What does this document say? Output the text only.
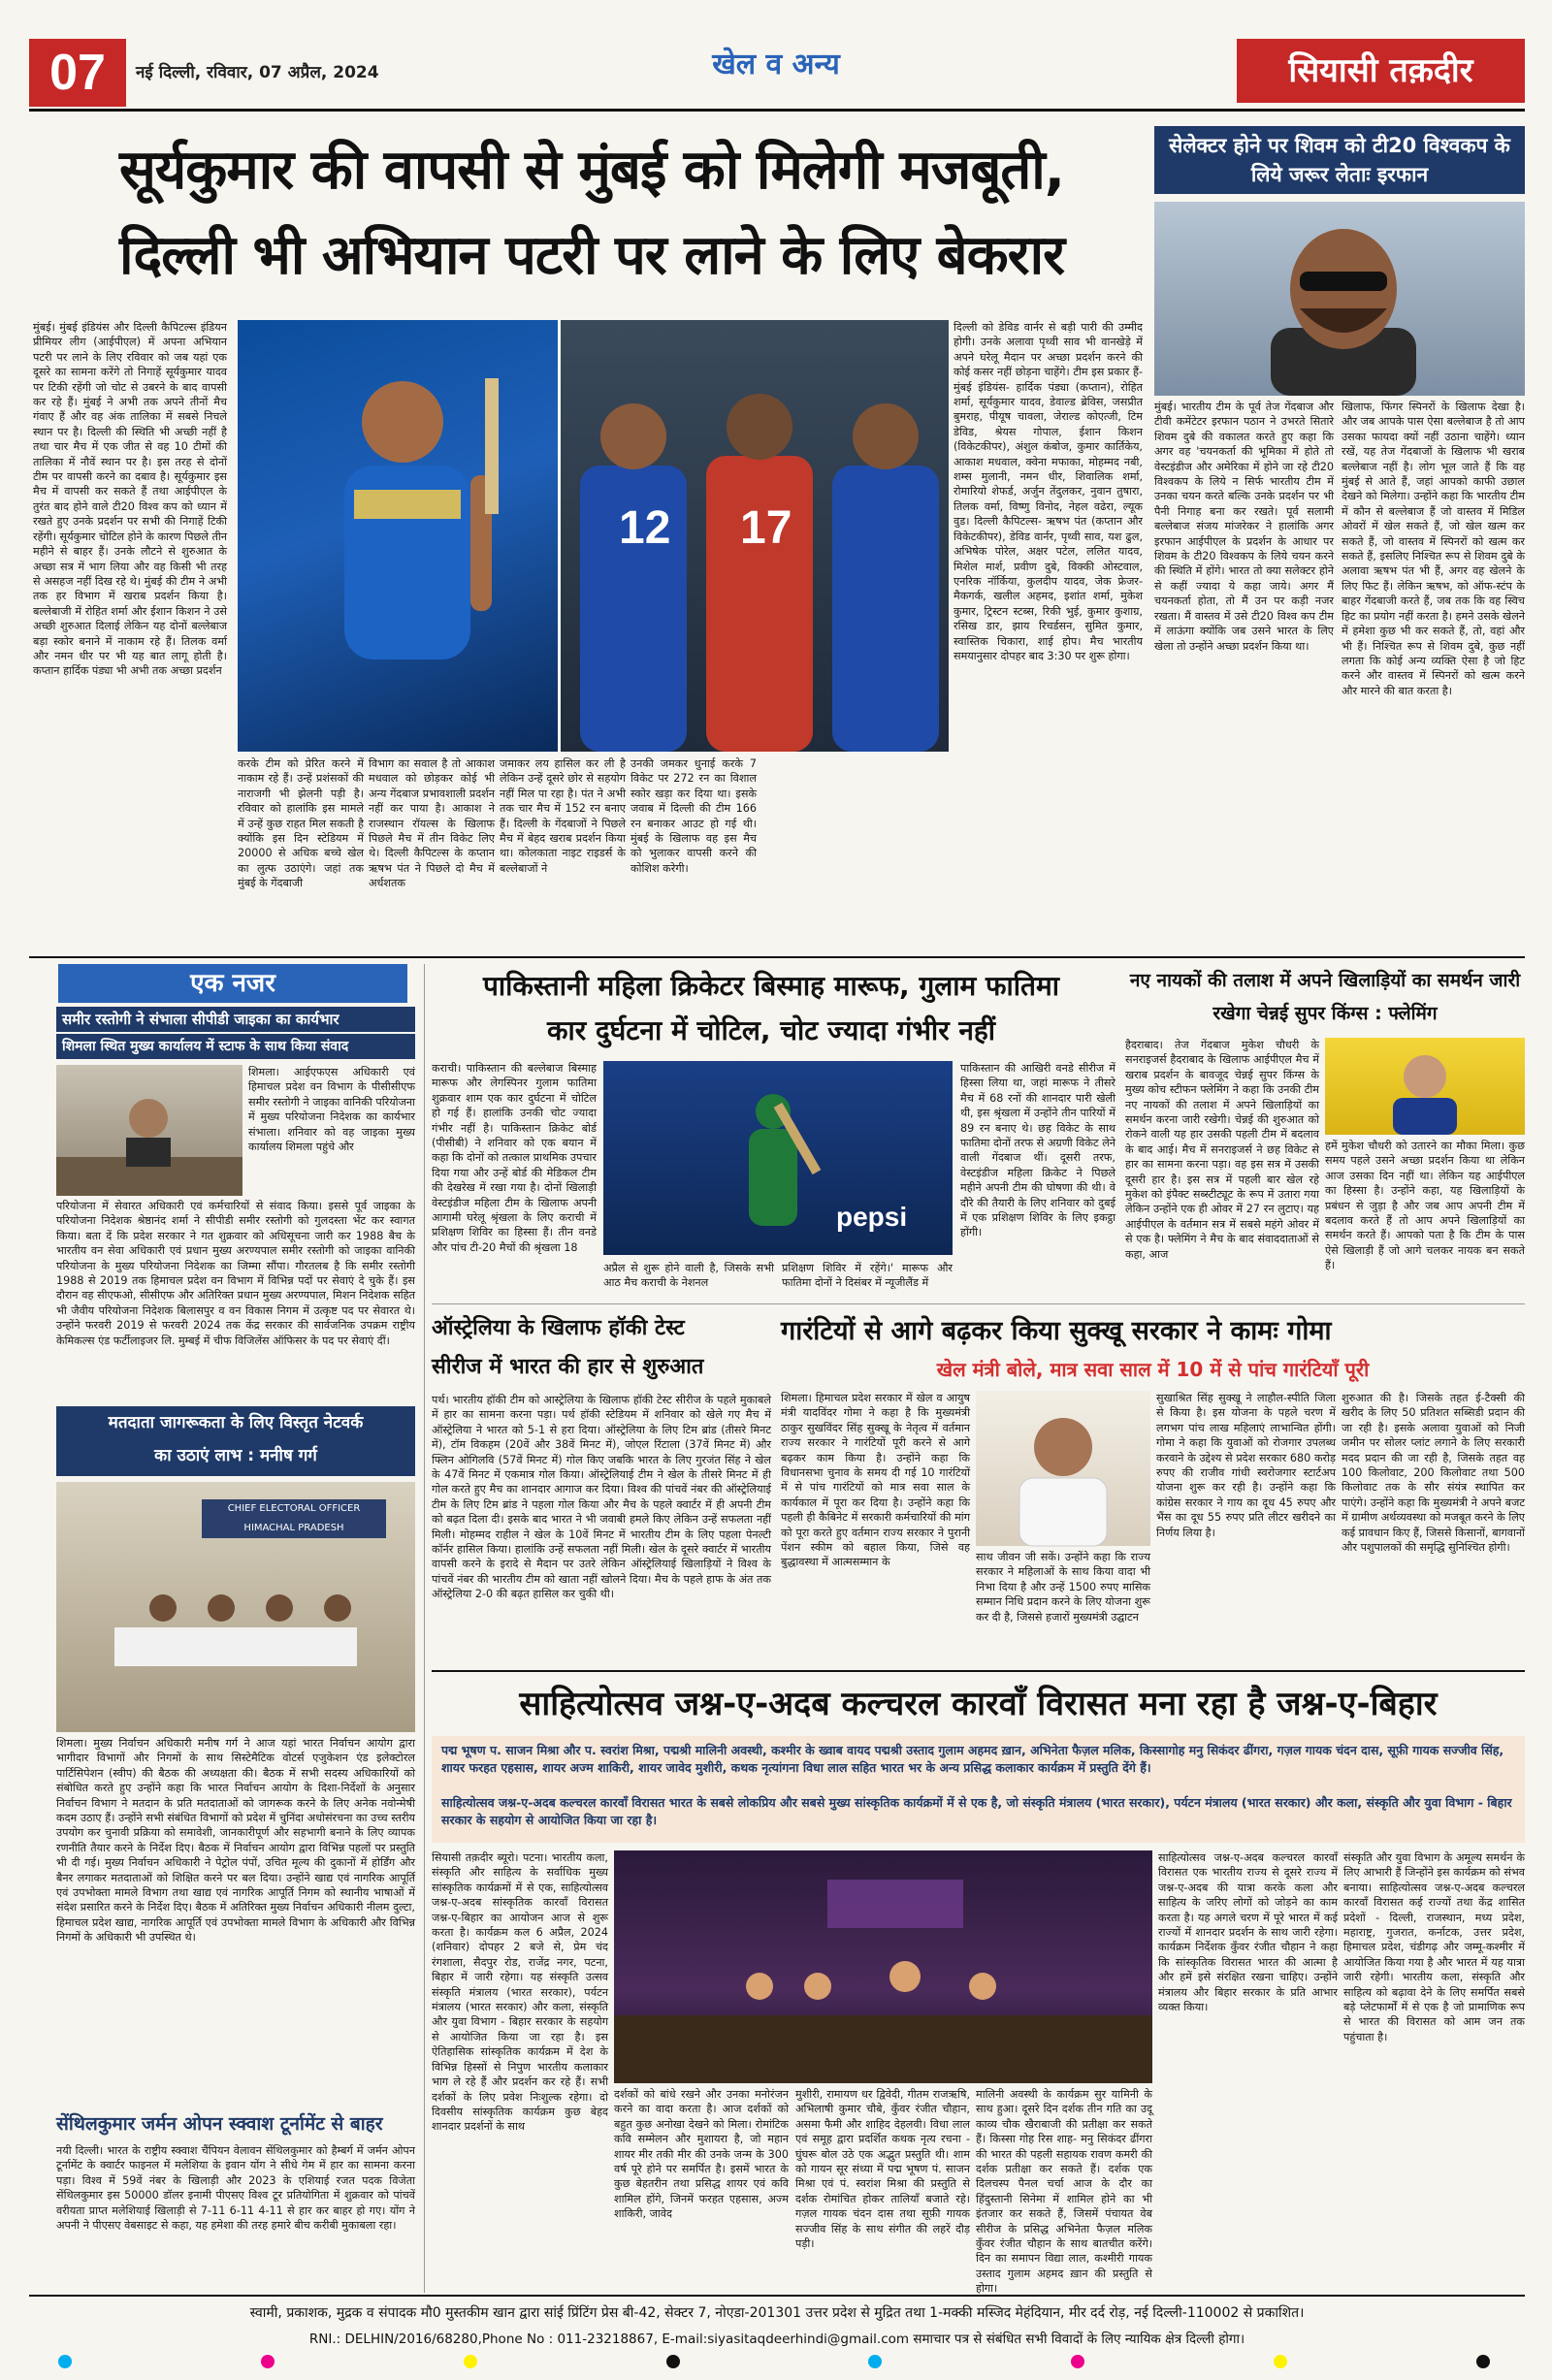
07	नई दिल्ली, रविवार, 07 अप्रैल, 2024	खेल व अन्य	सियासी तक़दीर
सूर्यकुमार की वापसी से मुंबई को मिलेगी मजबूती,
दिल्ली भी अभियान पटरी पर लाने के लिए बेकरार
मुंबई। मुंबई इंडियंस और दिल्ली कैपिटल्स इंडियन प्रीमियर लीग (आईपीएल) में अपना अभियान पटरी पर लाने के लिए रविवार को जब यहां एक दूसरे का सामना करेंगे तो निगाहें सूर्यकुमार यादव पर टिकी रहेंगी जो चोट से उबरने के बाद वापसी कर रहे हैं। मुंबई ने अभी तक अपने तीनों मैच गंवाए हैं और वह अंक तालिका में सबसे निचले स्थान पर है। दिल्ली की स्थिति भी अच्छी नहीं है तथा चार मैच में एक जीत से वह 10 टीमों की तालिका में नौवें स्थान पर है। इस तरह से दोनों टीम पर वापसी करने का दबाव है। सूर्यकुमार इस मैच में वापसी कर सकते हैं तथा आईपीएल के तुरंत बाद होने वाले टी20 विश्व कप को ध्यान में रखते हुए उनके प्रदर्शन पर सभी की निगाहें टिकी रहेंगी। सूर्यकुमार चोटिल होने के कारण पिछले तीन महीने से बाहर हैं। उनके लौटने से शुरुआत के अच्छा सत्र में भाग लिया और वह किसी भी तरह से असहज नहीं दिख रहे थे। मुंबई की टीम ने अभी तक हर विभाग में खराब प्रदर्शन किया है। बल्लेबाजी में रोहित शर्मा और ईशान किशन ने उसे अच्छी शुरुआत दिलाई लेकिन यह दोनों बल्लेबाज बड़ा स्कोर बनाने में नाकाम रहे हैं। तिलक वर्मा और नमन धीर पर भी यह बात लागू होती है। कप्तान हार्दिक पंड्या भी अभी तक अच्छा प्रदर्शन
12 17
करके टीम को प्रेरित करने में नाकाम रहे हैं। उन्हें प्रशंसकों की नाराजगी भी झेलनी पड़ी है। रविवार को हालांकि इस मामले में उन्हें कुछ राहत मिल सकती है क्योंकि इस दिन स्टेडियम में 20000 से अधिक बच्चे खेल का लुत्फ उठाएंगे। जहां तक मुंबई के गेंदबाजी
विभाग का सवाल है तो आकाश मधवाल को छोड़कर कोई भी अन्य गेंदबाज प्रभावशाली प्रदर्शन नहीं कर पाया है। आकाश ने राजस्थान रॉयल्स के खिलाफ पिछले मैच में तीन विकेट लिए थे। दिल्ली कैपिटल्स के कप्तान ऋषभ पंत ने पिछले दो मैच में अर्धशतक
जमाकर लय हासिल कर ली है लेकिन उन्हें दूसरे छोर से सहयोग नहीं मिल पा रहा है। पंत ने अभी तक चार मैच में 152 रन बनाए हैं। दिल्ली के गेंदबाजों ने पिछले मैच में बेहद खराब प्रदर्शन किया था। कोलकाता नाइट राइडर्स के बल्लेबाजों ने
उनकी जमकर धुनाई करके 7 विकेट पर 272 रन का विशाल स्कोर खड़ा कर दिया था। इसके जवाब में दिल्ली की टीम 166 रन बनाकर आउट हो गई थी। मुंबई के खिलाफ वह इस मैच को भुलाकर वापसी करने की कोशिश करेगी।
दिल्ली को डेविड वार्नर से बड़ी पारी की उम्मीद होगी। उनके अलावा पृथ्वी साव भी वानखेड़े में अपने घरेलू मैदान पर अच्छा प्रदर्शन करने की कोई कसर नहीं छोड़ना चाहेंगे। टीम इस प्रकार हैं- मुंबई इंडियंस- हार्दिक पंड्या (कप्तान), रोहित शर्मा, सूर्यकुमार यादव, डेवाल्ड ब्रेविस, जसप्रीत बुमराह, पीयूष चावला, जेराल्ड कोएत्जी, टिम डेविड, श्रेयस गोपाल, ईशान किशन (विकेटकीपर), अंशुल कंबोज, कुमार कार्तिकेय, आकाश मधवाल, क्वेना मफाका, मोहम्मद नबी, शम्स मुलानी, नमन धीर, शिवालिक शर्मा, रोमारियो शेफर्ड, अर्जुन तेंदुलकर, नुवान तुषारा, तिलक वर्मा, विष्णु विनोद, नेहल वढेरा, ल्यूक वुड। दिल्ली कैपिटल्स- ऋषभ पंत (कप्तान और विकेटकीपर), डेविड वार्नर, पृथ्वी साव, यश ढुल, अभिषेक पोरेल, अक्षर पटेल, ललित यादव, मिशेल मार्श, प्रवीण दुबे, विक्की ओस्टवाल, एनरिक नॉर्किया, कुलदीप यादव, जेक फ्रेजर-मैकगर्क, खलील अहमद, इशांत शर्मा, मुकेश कुमार, ट्रिस्टन स्टब्स, रिकी भुई, कुमार कुशाग्र, रसिख डार, झाय रिचर्डसन, सुमित कुमार, स्वास्तिक चिकारा, शाई होप। मैच भारतीय समयानुसार दोपहर बाद 3:30 पर शुरू होगा।
सेलेक्टर होने पर शिवम को टी20 विश्वकप के लिये जरूर लेताः इरफान
मुंबई। भारतीय टीम के पूर्व तेज गेंदबाज और टीवी कमेंटेटर इरफान पठान ने उभरते सितारे शिवम दुबे की वकालत करते हुए कहा कि अगर वह 'चयनकर्ता की भूमिका में होते तो वेस्टइंडीज और अमेरिका में होने जा रहे टी20 विश्वकप के लिये न सिर्फ भारतीय टीम में उनका चयन करते बल्कि उनके प्रदर्शन पर भी पैनी निगाह बना कर रखते। पूर्व सलामी बल्लेबाज संजय मांजरेकर ने हालांकि अगर इरफान आईपीएल के प्रदर्शन के आधार पर शिवम के टी20 विश्वकप के लिये चयन करने की स्थिति में होंगे। भारत तो क्या सलेक्टर होने से कहीं ज्यादा ये कहा जाये। अगर मैं चयनकर्ता होता, तो मैं उन पर कड़ी नजर रखता। मैं वास्तव में उसे टी20 विश्व कप टीम में लाऊंगा क्योंकि जब उसने भारत के लिए खेला तो उन्होंने अच्छा प्रदर्शन किया था।
खिलाफ, फिंगर स्पिनरों के खिलाफ देखा है। और जब आपके पास ऐसा बल्लेबाज है तो आप उसका फायदा क्यों नहीं उठाना चाहेंगे। ध्यान रखें, यह तेज गेंदबाजों के खिलाफ भी खराब बल्लेबाज नहीं है। लोग भूल जाते हैं कि वह मुंबई से आते हैं, जहां आपको काफी उछाल देखने को मिलेगा। उन्होंने कहा कि भारतीय टीम में कौन से बल्लेबाज हैं जो वास्तव में मिडिल ओवरों में खेल सकते हैं, जो खेल खत्म कर सकते हैं, जो वास्तव में स्पिनरों को खत्म कर सकते हैं, इसलिए निश्चित रूप से शिवम दुबे के अलावा ऋषभ पंत भी हैं, अगर वह खेलने के लिए फिट हैं। लेकिन ऋषभ, को ऑफ-स्टंप के बाहर गेंदबाजी करते हैं, जब तक कि वह स्विच हिट का प्रयोग नहीं करता है। हमने उसके खेलने में हमेशा कुछ भी कर सकते हैं, तो, वहां और भी हैं। निश्चित रूप से शिवम दुबे, कुछ नहीं लगता कि कोई अन्य व्यक्ति ऐसा है जो हिट करने और वास्तव में स्पिनरों को खत्म करने और मारने की बात करता है।
एक नजर
समीर रस्तोगी ने संभाला सीपीडी जाइका का कार्यभार
शिमला स्थित मुख्य कार्यालय में स्टाफ के साथ किया संवाद
शिमला। आईएफएस अधिकारी एवं हिमाचल प्रदेश वन विभाग के पीसीसीएफ समीर रस्तोगी ने जाइका वानिकी परियोजना में मुख्य परियोजना निदेशक का कार्यभार संभाला। शनिवार को वह जाइका मुख्य कार्यालय शिमला पहुंचे और
परियोजना में सेवारत अधिकारी एवं कर्मचारियों से संवाद किया। इससे पूर्व जाइका के परियोजना निदेशक श्रेष्ठानंद शर्मा ने सीपीडी समीर रस्तोगी को गुलदस्ता भेंट कर स्वागत किया। बता दें कि प्रदेश सरकार ने गत शुक्रवार को अधिसूचना जारी कर 1988 बैच के भारतीय वन सेवा अधिकारी एवं प्रधान मुख्य अरण्यपाल समीर रस्तोगी को जाइका वानिकी परियोजना के मुख्य परियोजना निदेशक का जिम्मा सौंपा। गौरतलब है कि समीर रस्तोगी 1988 से 2019 तक हिमाचल प्रदेश वन विभाग में विभिन्न पदों पर सेवाएं दे चुके हैं। इस दौरान वह सीएफओ, सीसीएफ और अतिरिक्त प्रधान मुख्य अरण्यपाल, मिशन निदेशक सहित भी जैवीय परियोजना निदेशक बिलासपुर व वन विकास निगम में उत्कृष्ट पद पर सेवारत थे। उन्होंने फरवरी 2019 से फरवरी 2024 तक केंद्र सरकार की सार्वजनिक उपक्रम राष्ट्रीय केमिकल्स एंड फर्टीलाइजर लि. मुम्बई में चीफ विजिलेंस ऑफिसर के पद पर सेवाएं दीं।
मतदाता जागरूकता के लिए विस्तृत नेटवर्क
का उठाएं लाभ : मनीष गर्ग
CHIEF ELECTORAL OFFICER HIMACHAL PRADESH
शिमला। मुख्य निर्वाचन अधिकारी मनीष गर्ग ने आज यहां भारत निर्वाचन आयोग द्वारा भागीदार विभागों और निगमों के साथ सिस्टेमैटिक वोटर्स एजुकेशन एंड इलेक्टोरल पार्टिसिपेशन (स्वीप) की बैठक की अध्यक्षता की। बैठक में सभी सदस्य अधिकारियों को संबोधित करते हुए उन्होंने कहा कि भारत निर्वाचन आयोग के दिशा-निर्देशों के अनुसार निर्वाचन विभाग ने मतदान के प्रति मतदाताओं को जागरूक करने के लिए अनेक नवोन्मेषी कदम उठाए हैं। उन्होंने सभी संबंधित विभागों को प्रदेश में चुनिंदा अधोसंरचना का उच्च स्तरीय उपयोग कर चुनावी प्रक्रिया को समावेशी, जानकारीपूर्ण और सहभागी बनाने के लिए व्यापक रणनीति तैयार करने के निर्देश दिए। बैठक में निर्वाचन आयोग द्वारा विभिन्न पहलों पर प्रस्तुति भी दी गई। मुख्य निर्वाचन अधिकारी ने पेट्रोल पंपों, उचित मूल्य की दुकानों में होर्डिंग और बैनर लगाकर मतदाताओं को शिक्षित करने पर बल दिया। उन्होंने खाद्य एवं नागरिक आपूर्ति एवं उपभोक्ता मामले विभाग तथा खाद्य एवं नागरिक आपूर्ति निगम को स्थानीय भाषाओं में संदेश प्रसारित करने के निर्देश दिए। बैठक में अतिरिक्त मुख्य निर्वाचन अधिकारी नीलम दुल्टा, हिमाचल प्रदेश खाद्य, नागरिक आपूर्ति एवं उपभोक्ता मामले विभाग के अधिकारी और विभिन्न निगमों के अधिकारी भी उपस्थित थे।
सेंथिलकुमार जर्मन ओपन स्क्वाश टूर्नामेंट से बाहर
नयी दिल्ली। भारत के राष्ट्रीय स्क्वाश चैंपियन वेलावन सेंथिलकुमार को हैम्बर्ग में जर्मन ओपन टूर्नामेंट के क्वार्टर फाइनल में मलेशिया के इवान योंग ने सीधे गेम में हार का सामना करना पड़ा। विश्व में 59वें नंबर के खिलाड़ी और 2023 के एशियाई रजत पदक विजेता सेंथिलकुमार इस 50000 डॉलर इनामी पीएसए विश्व टूर प्रतियोगिता में शुक्रवार को पांचवें वरीयता प्राप्त मलेशियाई खिलाड़ी से 7-11 6-11 4-11 से हार कर बाहर हो गए। योंग ने अपनी ने पीएसए वेबसाइट से कहा, यह हमेशा की तरह हमारे बीच करीबी मुकाबला रहा।
पाकिस्तानी महिला क्रिकेटर बिस्माह मारूफ, गुलाम फातिमा
कार दुर्घटना में चोटिल, चोट ज्यादा गंभीर नहीं
कराची। पाकिस्तान की बल्लेबाज बिस्माह मारूफ और लेगस्पिनर गुलाम फातिमा शुक्रवार शाम एक कार दुर्घटना में चोटिल हो गई हैं। हालांकि उनकी चोट ज्यादा गंभीर नहीं है। पाकिस्तान क्रिकेट बोर्ड (पीसीबी) ने शनिवार को एक बयान में कहा कि दोनों को तत्काल प्राथमिक उपचार दिया गया और उन्हें बोर्ड की मेडिकल टीम की देखरेख में रखा गया है। दोनों खिलाड़ी वेस्टइंडीज महिला टीम के खिलाफ अपनी आगामी घरेलू श्रृंखला के लिए कराची में प्रशिक्षण शिविर का हिस्सा हैं। तीन वनडे और पांच टी-20 मैचों की श्रृंखला 18
pepsi
अप्रैल से शुरू होने वाली है, जिसके सभी आठ मैच कराची के नेशनल
प्रशिक्षण शिविर में रहेंगे।' मारूफ और फातिमा दोनों ने दिसंबर में न्यूजीलैंड में
पाकिस्तान की आखिरी वनडे सीरीज में हिस्सा लिया था, जहां मारूफ ने तीसरे मैच में 68 रनों की शानदार पारी खेली थी, इस श्रृंखला में उन्होंने तीन पारियों में 89 रन बनाए थे। छह विकेट के साथ फातिमा दोनों तरफ से अग्रणी विकेट लेने वाली गेंदबाज थीं। दूसरी तरफ, वेस्टइंडीज महिला क्रिकेट ने पिछले महीने अपनी टीम की घोषणा की थी। वे दौरे की तैयारी के लिए शनिवार को दुबई में एक प्रशिक्षण शिविर के लिए इकट्ठा होंगी।
नए नायकों की तलाश में अपने खिलाड़ियों का समर्थन जारी रखेगा चेन्नई सुपर किंग्स : फ्लेमिंग
हैदराबाद। तेज गेंदबाज मुकेश चौधरी के सनराइजर्स हैदराबाद के खिलाफ आईपीएल मैच में खराब प्रदर्शन के बावजूद चेन्नई सुपर किंग्स के मुख्य कोच स्टीफन फ्लेमिंग ने कहा कि उनकी टीम नए नायकों की तलाश में अपने खिलाड़ियों का समर्थन करना जारी रखेगी। चेन्नई की शुरुआत को रोकने वाली यह हार उसकी पहली टीम में बदलाव के बाद आई। मैच में सनराइजर्स ने छह विकेट से हार का सामना करना पड़ा। वह इस सत्र में उसकी दूसरी हार है। इस सत्र में पहली बार खेल रहे मुकेश को इंपैक्ट सब्स्टीट्यूट के रूप में उतारा गया लेकिन उन्होंने एक ही ओवर में 27 रन लुटाए। यह आईपीएल के वर्तमान सत्र में सबसे महंगे ओवर में से एक है। फ्लेमिंग ने मैच के बाद संवाददाताओं से कहा, आज
हमें मुकेश चौधरी को उतारने का मौका मिला। कुछ समय पहले उसने अच्छा प्रदर्शन किया था लेकिन आज उसका दिन नहीं था। लेकिन यह आईपीएल का हिस्सा है। उन्होंने कहा, यह खिलाड़ियों के प्रबंधन से जुड़ा है और जब आप अपनी टीम में बदलाव करते हैं तो आप अपने खिलाड़ियों का समर्थन करते हैं। आपको पता है कि टीम के पास ऐसे खिलाड़ी हैं जो आगे चलकर नायक बन सकते हैं।
ऑस्ट्रेलिया के खिलाफ हॉकी टेस्ट
सीरीज में भारत की हार से शुरुआत
पर्थ। भारतीय हॉकी टीम को आस्ट्रेलिया के खिलाफ हॉकी टेस्ट सीरीज के पहले मुकाबले में हार का सामना करना पड़ा। पर्थ हॉकी स्टेडियम में शनिवार को खेले गए मैच में ऑस्ट्रेलिया ने भारत को 5-1 से हरा दिया। ऑस्ट्रेलिया के लिए टिम ब्रांड (तीसरे मिनट में), टॉम विकहम (20वें और 38वें मिनट में), जोएल रिंटाला (37वें मिनट में) और फ्लिन ओगिलवि (57वें मिनट में) गोल किए जबकि भारत के लिए गुरजंत सिंह ने खेल के 47वें मिनट में एकमात्र गोल किया। ऑस्ट्रेलियाई टीम ने खेल के तीसरे मिनट में ही गोल करते हुए मैच का शानदार आगाज कर दिया। विश्व की पांचवें नंबर की ऑस्ट्रेलियाई टीम के लिए टिम ब्रांड ने पहला गोल किया और मैच के पहले क्वार्टर में ही अपनी टीम को बढ़त दिला दी। इसके बाद भारत ने भी जवाबी हमले किए लेकिन उन्हें सफलता नहीं मिली। मोहम्मद राहील ने खेल के 10वें मिनट में भारतीय टीम के लिए पहला पेनल्टी कॉर्नर हासिल किया। हालांकि उन्हें सफलता नहीं मिली। खेल के दूसरे क्वार्टर में भारतीय वापसी करने के इरादे से मैदान पर उतरे लेकिन ऑस्ट्रेलियाई खिलाड़ियों ने विश्व के पांचवें नंबर की भारतीय टीम को खाता नहीं खोलने दिया। मैच के पहले हाफ के अंत तक ऑस्ट्रेलिया 2-0 की बढ़त हासिल कर चुकी थी।
गारंटियों से आगे बढ़कर किया सुक्खू सरकार ने कामः गोमा
खेल मंत्री बोले, मात्र सवा साल में 10 में से पांच गारंटियाँ पूरी
शिमला। हिमाचल प्रदेश सरकार में खेल व आयुष मंत्री यादविंदर गोमा ने कहा है कि मुख्यमंत्री ठाकुर सुखविंदर सिंह सुक्खू के नेतृत्व में वर्तमान राज्य सरकार ने गारंटियों पूरी करने से आगे बढ़कर काम किया है। उन्होंने कहा कि विधानसभा चुनाव के समय दी गई 10 गारंटियों में से पांच गारंटियों को मात्र सवा साल के कार्यकाल में पूरा कर दिया है। उन्होंने कहा कि पहली ही कैबिनेट में सरकारी कर्मचारियों की मांग को पूरा करते हुए वर्तमान राज्य सरकार ने पुरानी पेंशन स्कीम को बहाल किया, जिसे वह बुद्धावस्था में आत्मसम्मान के	साथ जीवन जी सकें। उन्होंने कहा कि राज्य सरकार ने महिलाओं के साथ किया वादा भी निभा दिया है और उन्हें 1500 रुपए मासिक सम्मान निधि प्रदान करने के लिए योजना शुरू कर दी है, जिससे हजारों मुख्यमंत्री उद्घाटन
सुखाश्रित सिंह सुक्खू ने लाहौल-स्पीति जिला से किया है। इस योजना के पहले चरण में लगभग पांच लाख महिलाएं लाभान्वित होंगी। गोमा ने कहा कि युवाओं को रोजगार उपलब्ध करवाने के उद्देश्य से प्रदेश सरकार 680 करोड़ रुपए की राजीव गांधी स्वरोजगार स्टार्टअप योजना शुरू कर रही है। उन्होंने कहा कि कांग्रेस सरकार ने गाय का दूध 45 रुपए और भैंस का दूध 55 रुपए प्रति लीटर खरीदने का निर्णय लिया है।
शुरुआत की है। जिसके तहत ई-टैक्सी की खरीद के लिए 50 प्रतिशत सब्सिडी प्रदान की जा रही है। इसके अलावा युवाओं को निजी जमीन पर सोलर प्लांट लगाने के लिए सरकारी मदद प्रदान की जा रही है, जिसके तहत वह 100 किलोवाट, 200 किलोवाट तथा 500 किलोवाट तक के सौर संयंत्र स्थापित कर पाएंगे। उन्होंने कहा कि मुख्यमंत्री ने अपने बजट में ग्रामीण अर्थव्यवस्था को मजबूत करने के लिए कई प्रावधान किए हैं, जिससे किसानों, बागवानों और पशुपालकों की समृद्धि सुनिश्चित होगी।
साहित्योत्सव जश्न-ए-अदब कल्चरल कारवाँ विरासत मना रहा है जश्न-ए-बिहार
पद्म भूषण प. साजन मिश्रा और प. स्वरांश मिश्रा, पद्मश्री मालिनी अवस्थी, कश्मीर के ख्वाब वायद पद्मश्री उस्ताद गुलाम अहमद ख़ान, अभिनेता फैज़ल मलिक, किस्सागोह मनु सिकंदर ढींगरा, गज़ल गायक चंदन दास, सूफ़ी गायक सज्जीव सिंह, शायर फरहत एहसास, शायर अज्म शाकिरी, शायर जावेद मुशीरी, कथक नृत्यांगना विधा लाल सहित भारत भर के अन्य प्रसिद्ध कलाकार कार्यक्रम में प्रस्तुति देंगे हैं।
साहित्योत्सव जश्न-ए-अदब कल्चरल कारवाँ विरासत भारत के सबसे लोकप्रिय और सबसे मुख्य सांस्कृतिक कार्यक्रमों में से एक है, जो संस्कृति मंत्रालय (भारत सरकार), पर्यटन मंत्रालय (भारत सरकार) और कला, संस्कृति और युवा विभाग - बिहार सरकार के सहयोग से आयोजित किया जा रहा है।
सियासी तक़दीर ब्यूरो। पटना। भारतीय कला, संस्कृति और साहित्य के सर्वाधिक मुख्य सांस्कृतिक कार्यक्रमों में से एक, साहित्योत्सव जश्न-ए-अदब सांस्कृतिक कारवाँ विरासत जश्न-ए-बिहार का आयोजन आज से शुरू करता है। कार्यक्रम कल 6 अप्रैल, 2024 (शनिवार) दोपहर 2 बजे से, प्रेम चंद रंगशाला, सैदपुर रोड, राजेंद्र नगर, पटना, बिहार में जारी रहेगा। यह संस्कृति उत्सव संस्कृति मंत्रालय (भारत सरकार), पर्यटन मंत्रालय (भारत सरकार) और कला, संस्कृति और युवा विभाग - बिहार सरकार के सहयोग से आयोजित किया जा रहा है। इस ऐतिहासिक सांस्कृतिक कार्यक्रम में देश के विभिन्न हिस्सों से निपुण भारतीय कलाकार भाग ले रहे हैं और प्रदर्शन कर रहे हैं। सभी दर्शकों के लिए प्रवेश निःशुल्क रहेगा। दो दिवसीय सांस्कृतिक कार्यक्रम कुछ बेहद शानदार प्रदर्शनों के साथ
दर्शकों को बांधे रखने और उनका मनोरंजन करने का वादा करता है। आज दर्शकों को बहुत कुछ अनोखा देखने को मिला। रोमांटिक कवि सम्मेलन और मुशायरा है, जो महान शायर मीर तकी मीर की उनके जन्म के 300 वर्ष पूरे होने पर समर्पित है। इसमें भारत के कुछ बेहतरीन तथा प्रसिद्ध शायर एवं कवि शामिल होंगे, जिनमें फरहत एहसास, अज्म शाकिरी, जावेद
मुशीरी, रामायण धर द्विवेदी, गीतम राजऋषि, अभिलाषी कुमार चौबे, कुँवर रंजीत चौहान, असमा फैमी और शाहिद देहलवी। विधा लाल एवं समूह द्वारा प्रदर्शित कथक नृत्य रचना - घुंघरू बोल उठे एक अद्भुत प्रस्तुति थी। शाम को गायन सूर संध्या में पद्म भूषण पं. साजन मिश्रा एवं पं. स्वरांश मिश्रा की प्रस्तुति से दर्शक रोमांचित होकर तालियाँ बजाते रहे। गज़ल गायक चंदन दास तथा सूफ़ी गायक सज्जीव सिंह के साथ संगीत की लहरें दौड़ पड़ी।
मालिनी अवस्थी के कार्यक्रम सुर यामिनी के साथ हुआ। दूसरे दिन दर्शक तीन गति का उदू काव्य चौक खैराबाजी की प्रतीक्षा कर सकते हैं। किस्सा गोह रिस शाह- मनु सिकंदर ढींगरा की भारत की पहली सहायक रावण कमरी की दर्शक प्रतीक्षा कर सकते हैं। दर्शक एक दिलचस्प पैनल चर्चा आज के दौर का हिंदुस्तानी सिनेमा में शामिल होने का भी इंतजार कर सकते हैं, जिसमें पंचायत वेब सीरीज के प्रसिद्ध अभिनेता फैज़ल मलिक कुँवर रंजीत चौहान के साथ बातचीत करेंगे। दिन का समापन विद्या लाल, कश्मीरी गायक उस्ताद गुलाम अहमद ख़ान की प्रस्तुति से होगा।
साहित्योत्सव जश्न-ए-अदब कल्चरल कारवाँ विरासत एक भारतीय राज्य से दूसरे राज्य में जश्न-ए-अदब की यात्रा करके कला और साहित्य के जरिए लोगों को जोड़ने का काम करता है। यह अगले चरण में पूरे भारत में कई राज्यों में शानदार प्रदर्शन के साथ जारी रहेगा। कार्यक्रम निर्देशक कुँवर रंजीत चौहान ने कहा कि सांस्कृतिक विरासत भारत की आत्मा है और हमें इसे संरक्षित रखना चाहिए। उन्होंने मंत्रालय और बिहार सरकार के प्रति आभार व्यक्त किया।
संस्कृति और युवा विभाग के अमूल्य समर्थन के लिए आभारी हैं जिन्होंने इस कार्यक्रम को संभव बनाया। साहित्योत्सव जश्न-ए-अदब कल्चरल कारवाँ विरासत कई राज्यों तथा केंद्र शासित प्रदेशों - दिल्ली, राजस्थान, मध्य प्रदेश, महाराष्ट्र, गुजरात, कर्नाटक, उत्तर प्रदेश, हिमाचल प्रदेश, चंडीगढ़ और जम्मू-कश्मीर में आयोजित किया गया है और भारत में यह यात्रा जारी रहेगी। भारतीय कला, संस्कृति और साहित्य को बढ़ावा देने के लिए समर्पित सबसे बड़े प्लेटफार्मों में से एक है जो प्रामाणिक रूप से भारत की विरासत को आम जन तक पहुंचाता है।
स्वामी, प्रकाशक, मुद्रक व संपादक मौ0 मुस्तकीम खान द्वारा सांई प्रिंटिंग प्रेस बी-42, सेक्टर 7, नोएडा-201301 उत्तर प्रदेश से मुद्रित तथा 1-मक्की मस्जिद मेहंदियान, मीर दर्द रोड़, नई दिल्ली-110002 से प्रकाशित।
RNI.: DELHIN/2016/68280,Phone No : 011-23218867, E-mail:siyasitaqdeerhindi@gmail.com समाचार पत्र से संबंधित सभी विवादों के लिए न्यायिक क्षेत्र दिल्ली होगा।
